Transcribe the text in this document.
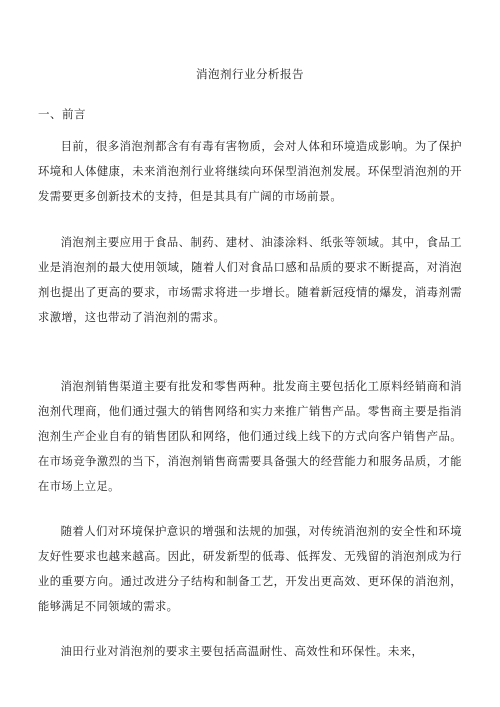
消泡剂行业分析报告
一、前言

目前，很多消泡剂都含有有毒有害物质，会对人体和环境造成影响。为了保护环境和人体健康，未来消泡剂行业将继续向环保型消泡剂发展。环保型消泡剂的开发需要更多创新技术的支持，但是其具有广阔的市场前景。

消泡剂主要应用于食品、制药、建材、油漆涂料、纸张等领域。其中，食品工业是消泡剂的最大使用领域，随着人们对食品口感和品质的要求不断提高，对消泡剂也提出了更高的要求，市场需求将进一步增长。随着新冠疫情的爆发，消毒剂需求激增，这也带动了消泡剂的需求。

消泡剂销售渠道主要有批发和零售两种。批发商主要包括化工原料经销商和消泡剂代理商，他们通过强大的销售网络和实力来推广销售产品。零售商主要是指消泡剂生产企业自有的销售团队和网络，他们通过线上线下的方式向客户销售产品。在市场竞争激烈的当下，消泡剂销售商需要具备强大的经营能力和服务品质，才能在市场上立足。

随着人们对环境保护意识的增强和法规的加强，对传统消泡剂的安全性和环境友好性要求也越来越高。因此，研发新型的低毒、低挥发、无残留的消泡剂成为行业的重要方向。通过改进分子结构和制备工艺，开发出更高效、更环保的消泡剂，能够满足不同领域的需求。

油田行业对消泡剂的要求主要包括高温耐性、高效性和环保性。未来，
